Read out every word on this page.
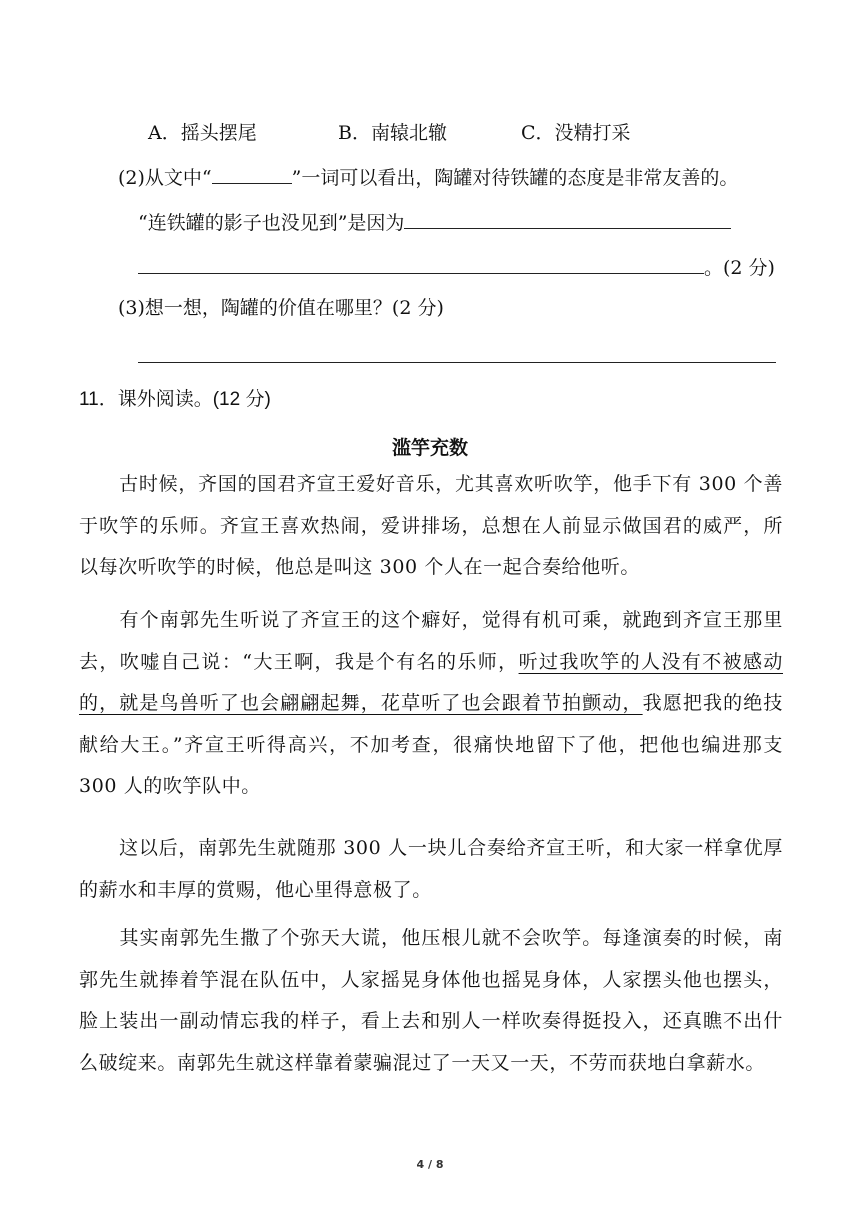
A．摇头摆尾	B．南辕北辙	C．没精打采
(2)从文中“	”一词可以看出，陶罐对待铁罐的态度是非常友善的。
“连铁罐的影子也没见到”是因为
。(2 分)
(3)想一想，陶罐的价值在哪里？(2 分)
11．课外阅读。(12 分)
滥竽充数
古时候，齐国的国君齐宣王爱好音乐，尤其喜欢听吹竽，他手下有 300 个善于吹竽的乐师。齐宣王喜欢热闹，爱讲排场，总想在人前显示做国君的威严，所以每次听吹竽的时候，他总是叫这 300 个人在一起合奏给他听。
有个南郭先生听说了齐宣王的这个癖好，觉得有机可乘，就跑到齐宣王那里去，吹嘘自己说：“大王啊，我是个有名的乐师，听过我吹竽的人没有不被感动的，就是鸟兽听了也会翩翩起舞，花草听了也会跟着节拍颤动，我愿把我的绝技献给大王。”齐宣王听得高兴，不加考查，很痛快地留下了他，把他也编进那支 300 人的吹竽队中。
这以后，南郭先生就随那 300 人一块儿合奏给齐宣王听，和大家一样拿优厚的薪水和丰厚的赏赐，他心里得意极了。
其实南郭先生撒了个弥天大谎，他压根儿就不会吹竽。每逢演奏的时候，南郭先生就捧着竽混在队伍中，人家摇晃身体他也摇晃身体，人家摆头他也摆头，脸上装出一副动情忘我的样子，看上去和别人一样吹奏得挺投入，还真瞧不出什么破绽来。南郭先生就这样靠着蒙骗混过了一天又一天，不劳而获地白拿薪水。
4 / 8
